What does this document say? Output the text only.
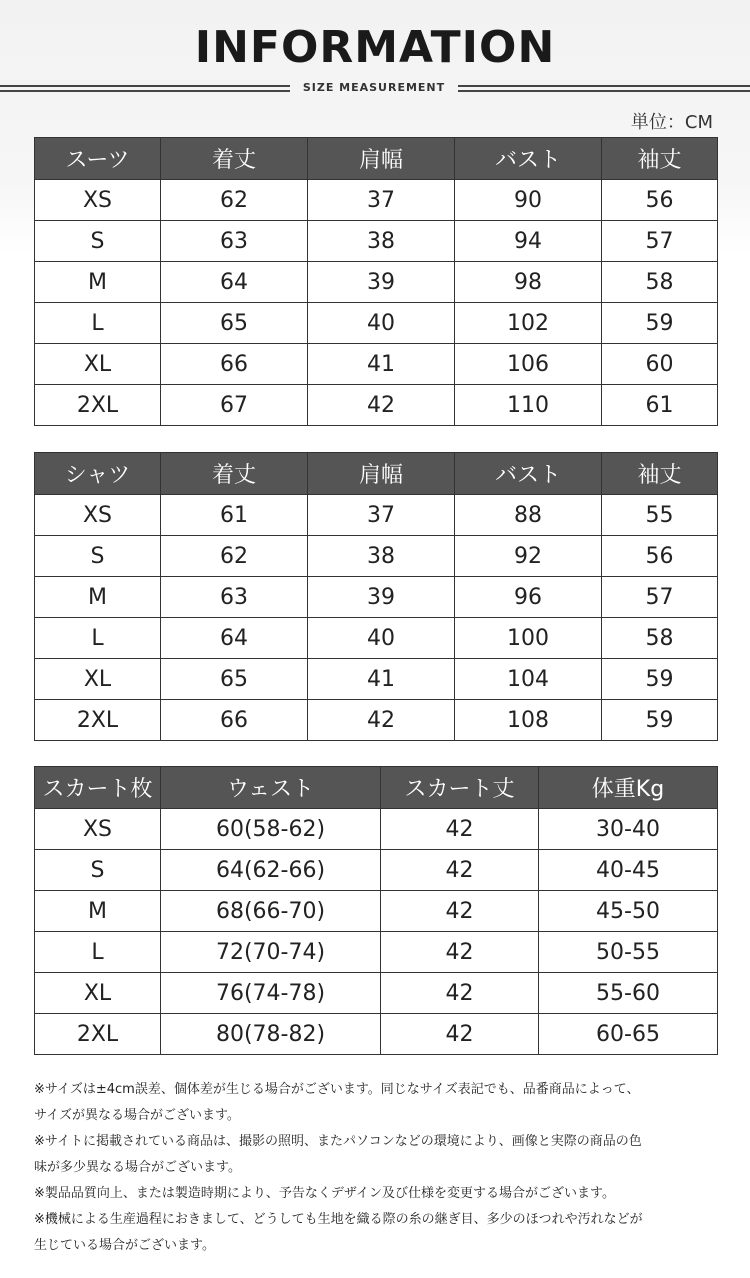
INFORMATION
SIZE MEASUREMENT
単位：CM
スーツ	着丈	肩幅	バスト	袖丈
XS	62	37	90	56
S	63	38	94	57
M	64	39	98	58
L	65	40	102	59
XL	66	41	106	60
2XL	67	42	110	61
シャツ	着丈	肩幅	バスト	袖丈
XS	61	37	88	55
S	62	38	92	56
M	63	39	96	57
L	64	40	100	58
XL	65	41	104	59
2XL	66	42	108	59
スカート枚	ウェスト	スカート丈	体重Kg
XS	60(58-62)	42	30-40
S	64(62-66)	42	40-45
M	68(66-70)	42	45-50
L	72(70-74)	42	50-55
XL	76(74-78)	42	55-60
2XL	80(78-82)	42	60-65

※サイズは±4cm誤差、個体差が生じる場合がございます。同じなサイズ表記でも、品番商品によって、

サイズが異なる場合がございます。

※サイトに掲載されている商品は、撮影の照明、またパソコンなどの環境により、画像と実際の商品の色

味が多少異なる場合がございます。

※製品品質向上、または製造時期により、予告なくデザイン及び仕様を変更する場合がございます。

※機械による生産過程におきまして、どうしても生地を織る際の糸の継ぎ目、多少のほつれや汚れなどが

生じている場合がございます。
